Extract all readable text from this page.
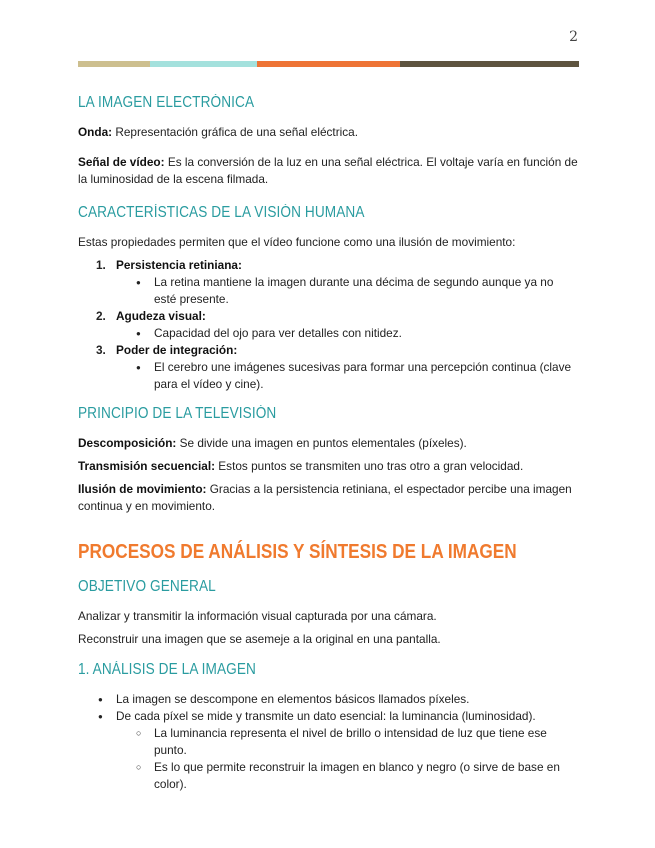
2
LA IMAGEN ELECTRÓNICA

Onda: Representación gráfica de una señal eléctrica.

Señal de vídeo: Es la conversión de la luz en una señal eléctrica. El voltaje varía en función de la luminosidad de la escena filmada.

CARACTERÍSTICAS DE LA VISIÓN HUMANA

Estas propiedades permiten que el vídeo funcione como una ilusión de movimiento:

1. Persistencia retiniana:
● La retina mantiene la imagen durante una décima de segundo aunque ya no esté presente.
2. Agudeza visual:
● Capacidad del ojo para ver detalles con nitidez.
3. Poder de integración:
● El cerebro une imágenes sucesivas para formar una percepción continua (clave para el vídeo y cine).
PRINCIPIO DE LA TELEVISIÓN

Descomposición: Se divide una imagen en puntos elementales (píxeles).

Transmisión secuencial: Estos puntos se transmiten uno tras otro a gran velocidad.

Ilusión de movimiento: Gracias a la persistencia retiniana, el espectador percibe una imagen continua y en movimiento.

PROCESOS DE ANÁLISIS Y SÍNTESIS DE LA IMAGEN
OBJETIVO GENERAL

Analizar y transmitir la información visual capturada por una cámara.

Reconstruir una imagen que se asemeje a la original en una pantalla.

1. ANÁLISIS DE LA IMAGEN
● La imagen se descompone en elementos básicos llamados píxeles.
● De cada píxel se mide y transmite un dato esencial: la luminancia (luminosidad).
○ La luminancia representa el nivel de brillo o intensidad de luz que tiene ese punto.
○ Es lo que permite reconstruir la imagen en blanco y negro (o sirve de base en color).
